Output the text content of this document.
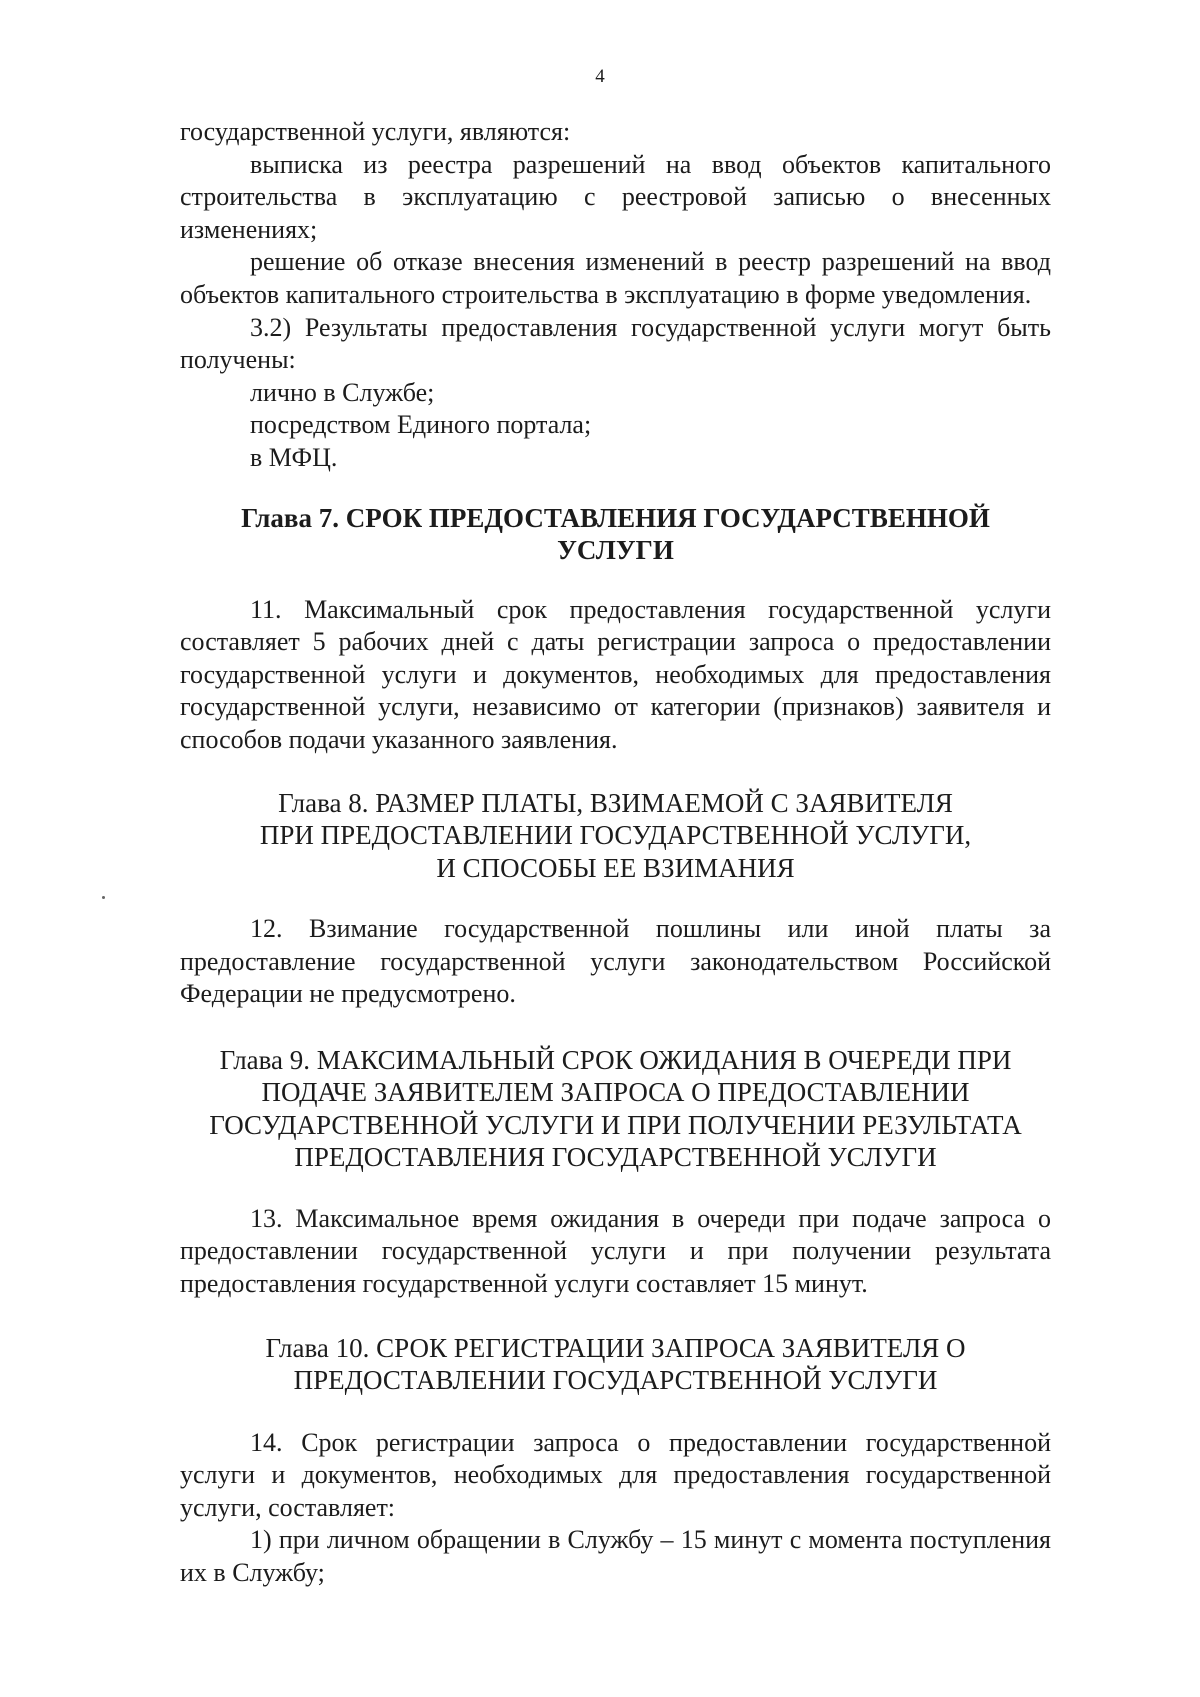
4

государственной услуги, являются:

выписка из реестра разрешений на ввод объектов капитального строительства в эксплуатацию с реестровой записью о внесенных изменениях;

решение об отказе внесения изменений в реестр разрешений на ввод объектов капитального строительства в эксплуатацию в форме уведомления.

3.2) Результаты предоставления государственной услуги могут быть получены:

лично в Службе;

посредством Единого портала;

в МФЦ.

Глава 7. СРОК ПРЕДОСТАВЛЕНИЯ ГОСУДАРСТВЕННОЙ УСЛУГИ

11. Максимальный срок предоставления государственной услуги составляет 5 рабочих дней с даты регистрации запроса о предоставлении государственной услуги и документов, необходимых для предоставления государственной услуги, независимо от категории (признаков) заявителя и способов подачи указанного заявления.

Глава 8. РАЗМЕР ПЛАТЫ, ВЗИМАЕМОЙ С ЗАЯВИТЕЛЯ
ПРИ ПРЕДОСТАВЛЕНИИ ГОСУДАРСТВЕННОЙ УСЛУГИ,
И СПОСОБЫ ЕЕ ВЗИМАНИЯ

12. Взимание государственной пошлины или иной платы за предоставление государственной услуги законодательством Российской Федерации не предусмотрено.

Глава 9. МАКСИМАЛЬНЫЙ СРОК ОЖИДАНИЯ В ОЧЕРЕДИ ПРИ
ПОДАЧЕ ЗАЯВИТЕЛЕМ ЗАПРОСА О ПРЕДОСТАВЛЕНИИ
ГОСУДАРСТВЕННОЙ УСЛУГИ И ПРИ ПОЛУЧЕНИИ РЕЗУЛЬТАТА
ПРЕДОСТАВЛЕНИЯ ГОСУДАРСТВЕННОЙ УСЛУГИ

13. Максимальное время ожидания в очереди при подаче запроса о предоставлении государственной услуги и при получении результата предоставления государственной услуги составляет 15 минут.

Глава 10. СРОК РЕГИСТРАЦИИ ЗАПРОСА ЗАЯВИТЕЛЯ О
ПРЕДОСТАВЛЕНИИ ГОСУДАРСТВЕННОЙ УСЛУГИ

14. Срок регистрации запроса о предоставлении государственной услуги и документов, необходимых для предоставления государственной услуги, составляет:

1) при личном обращении в Службу – 15 минут с момента поступления их в Службу;
